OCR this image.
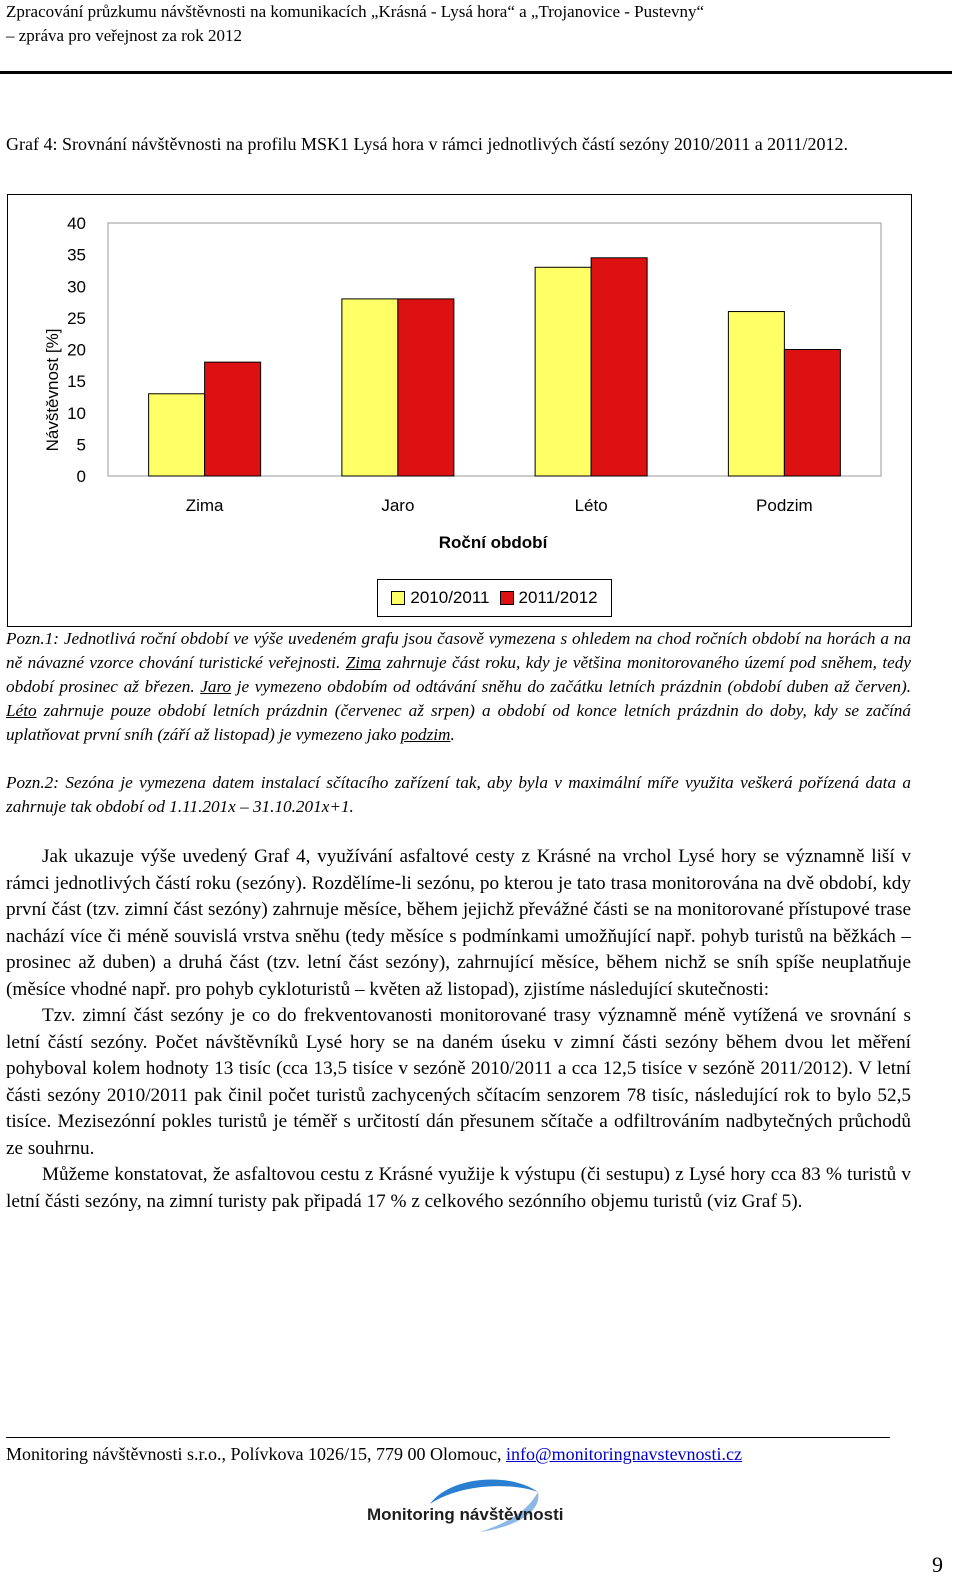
Zpracování průzkumu návštěvnosti na komunikacích „Krásná - Lysá hora“ a „Trojanovice - Pustevny“
– zpráva pro veřejnost za rok 2012
Graf 4: Srovnání návštěvnosti na profilu MSK1 Lysá hora v rámci jednotlivých částí sezóny 2010/2011 a 2011/2012.
Návštěvnost [%]
Roční období
0
5
10
15
20
25
30
35
40
Zima	Jaro	Léto	Podzim
2010/2011 2011/2012
Pozn.1: Jednotlivá roční období ve výše uvedeném grafu jsou časově vymezena s ohledem na chod ročních období na horách a na ně návazné vzorce chování turistické veřejnosti. Zima zahrnuje část roku, kdy je většina monitorovaného území pod sněhem, tedy období prosinec až březen. Jaro je vymezeno obdobím od odtávání sněhu do začátku letních prázdnin (období duben až červen). Léto zahrnuje pouze období letních prázdnin (červenec až srpen) a období od konce letních prázdnin do doby, kdy se začíná uplatňovat první sníh (září až listopad) je vymezeno jako podzim.
Pozn.2: Sezóna je vymezena datem instalací sčítacího zařízení tak, aby byla v maximální míře využita veškerá pořízená data a zahrnuje tak období od 1.11.201x – 31.10.201x+1.

Jak ukazuje výše uvedený Graf 4, využívání asfaltové cesty z Krásné na vrchol Lysé hory se významně liší v rámci jednotlivých částí roku (sezóny). Rozdělíme-li sezónu, po kterou je tato trasa monitorována na dvě období, kdy první část (tzv. zimní část sezóny) zahrnuje měsíce, během jejichž převážné části se na monitorované přístupové trase nachází více či méně souvislá vrstva sněhu (tedy měsíce s podmínkami umožňující např. pohyb turistů na běžkách – prosinec až duben) a druhá část (tzv. letní část sezóny), zahrnující měsíce, během nichž se sníh spíše neuplatňuje (měsíce vhodné např. pro pohyb cykloturistů – květen až listopad), zjistíme následující skutečnosti:

Tzv. zimní část sezóny je co do frekventovanosti monitorované trasy významně méně vytížená ve srovnání s letní částí sezóny. Počet návštěvníků Lysé hory se na daném úseku v zimní části sezóny během dvou let měření pohyboval kolem hodnoty 13 tisíc (cca 13,5 tisíce v sezóně 2010/2011 a cca 12,5 tisíce v sezóně 2011/2012). V letní části sezóny 2010/2011 pak činil počet turistů zachycených sčítacím senzorem 78 tisíc, následující rok to bylo 52,5 tisíce. Mezisezónní pokles turistů je téměř s určitostí dán přesunem sčítače a odfiltrováním nadbytečných průchodů ze souhrnu.

Můžeme konstatovat, že asfaltovou cestu z Krásné využije k výstupu (či sestupu) z Lysé hory cca 83 % turistů v letní části sezóny, na zimní turisty pak připadá 17 % z celkového sezónního objemu turistů (viz Graf 5).

Monitoring návštěvnosti s.r.o., Polívkova 1026/15, 779 00 Olomouc, info@monitoringnavstevnosti.cz
Monitoring návštěvnosti
9
